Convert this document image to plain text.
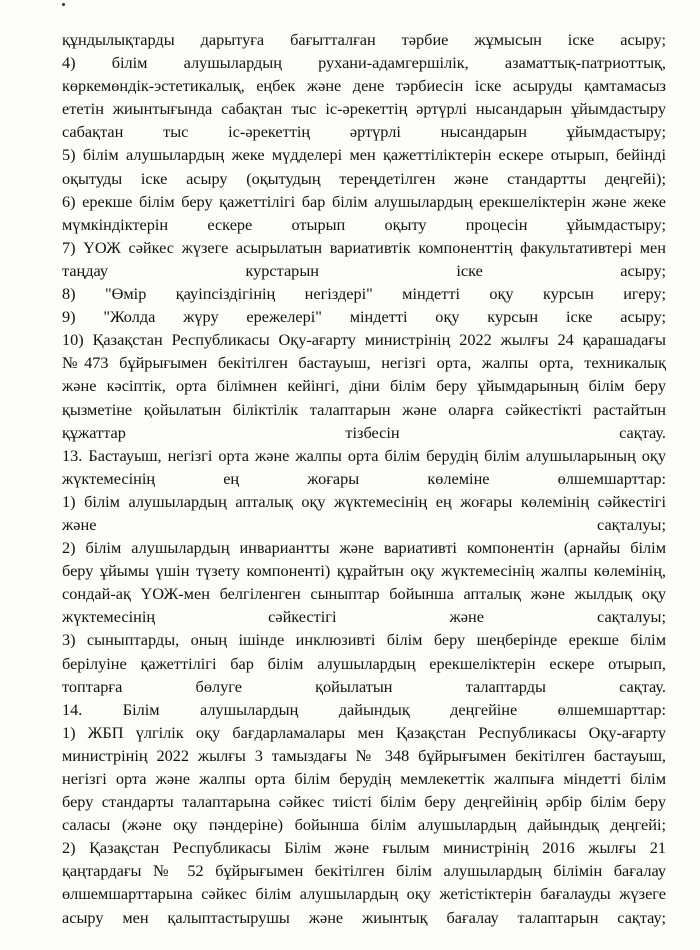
құндылықтарды дарытуға бағытталған тәрбие жұмысын іске асыру;
4) білім алушылардың рухани-адамгершілік, азаматтық-патриоттық,
көркемөндік-эстетикалық, еңбек және дене тәрбиесін іске асыруды қамтамасыз
ететін жиынтығында сабақтан тыс іс-әрекеттің әртүрлі нысандарын ұйымдастыру
сабақтан тыс іс-әрекеттің әртүрлі нысандарын ұйымдастыру;
5) білім алушылардың жеке мүдделері мен қажеттіліктерін ескере отырып, бейінді
оқытуды іске асыру (оқытудың тереңдетілген және стандартты деңгейі);
6) ерекше білім беру қажеттілігі бар білім алушылардың ерекшеліктерін және жеке
мүмкіндіктерін ескере отырып оқыту процесін ұйымдастыру;
7) ҮОЖ сәйкес жүзеге асырылатын вариативтік компоненттің факультативтері мен
таңдау курстарын іске асыру;
8) "Өмір қауіпсіздігінің негіздері" міндетті оқу курсын игеру;
9) "Жолда жүру ережелері" міндетті оқу курсын іске асыру;
10) Қазақстан Республикасы Оқу-ағарту министрінің 2022 жылғы 24 қарашадағы
№473 бұйрығымен бекітілген бастауыш, негізгі орта, жалпы орта, техникалық
және кәсіптік, орта білімнен кейінгі, діни білім беру ұйымдарының білім беру
қызметіне қойылатын біліктілік талаптарын және оларға сәйкестікті растайтын
құжаттар тізбесін сақтау.
13. Бастауыш, негізгі орта және жалпы орта білім берудің білім алушыларының оқу
жүктемесінің ең жоғары көлеміне өлшемшарттар:
1) білім алушылардың апталық оқу жүктемесінің ең жоғары көлемінің сәйкестігі
және сақталуы;
2) білім алушылардың инвариантты және вариативті компонентін (арнайы білім
беру ұйымы үшін түзету компоненті) құрайтын оқу жүктемесінің жалпы көлемінің,
сондай-ақ ҮОЖ-мен белгіленген сыныптар бойынша апталық және жылдық оқу
жүктемесінің сәйкестігі және сақталуы;
3) сыныптарды, оның ішінде инклюзивті білім беру шеңберінде ерекше білім
берілуіне қажеттілігі бар білім алушылардың ерекшеліктерін ескере отырып,
топтарға бөлуге қойылатын талаптарды сақтау.
14. Білім алушылардың дайындық деңгейіне өлшемшарттар:
1) ЖБП үлгілік оқу бағдарламалары мен Қазақстан Республикасы Оқу-ағарту
министрінің 2022 жылғы 3 тамыздағы № 348 бұйрығымен бекітілген бастауыш,
негізгі орта және жалпы орта білім берудің мемлекеттік жалпыға міндетті білім
беру стандарты талаптарына сәйкес тиісті білім беру деңгейінің әрбір білім беру
саласы (және оқу пәндеріне) бойынша білім алушылардың дайындық деңгейі;
2) Қазақстан Республикасы Білім және ғылым министрінің 2016 жылғы 21
қаңтардағы № 52 бұйрығымен бекітілген білім алушылардың білімін бағалау
өлшемшарттарына сәйкес білім алушылардың оқу жетістіктерін бағалауды жүзеге
асыру мен қалыптастырушы және жиынтық бағалау талаптарын сақтау;
